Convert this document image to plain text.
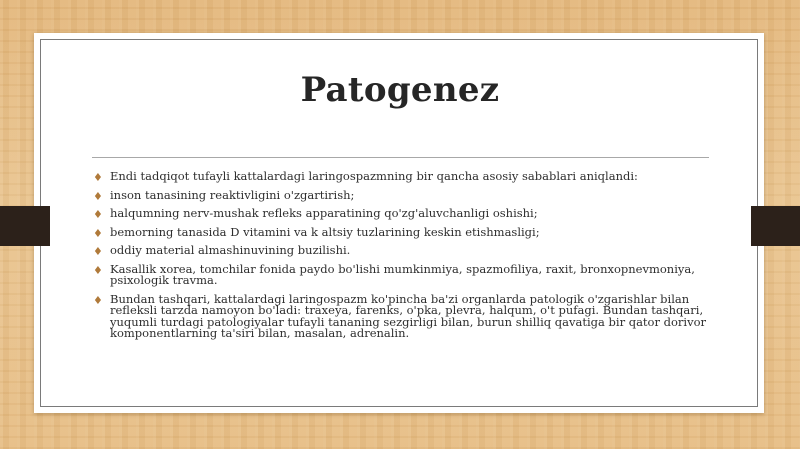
Patogenez
♦ Endi tadqiqot tufayli kattalardagi laringospazmning bir qancha asosiy sabablari aniqlandi:
♦ inson tanasining reaktivligini o'zgartirish;
♦ halqumning nerv-mushak refleks apparatining qo'zg'aluvchanligi oshishi;
♦ bemorning tanasida D vitamini va k altsiy tuzlarining keskin etishmasligi;
♦ oddiy material almashinuvining buzilishi.
♦ Kasallik xorea, tomchilar fonida paydo bo'lishi mumkinmiya, spazmofiliya, raxit, bronxopnevmoniya, psixologik travma.
♦ Bundan tashqari, kattalardagi laringospazm ko'pincha ba'zi organlarda patologik o'zgarishlar bilan refleksli tarzda namoyon bo'ladi: traxeya, farenks, o'pka, plevra, halqum, o't pufagi. Bundan tashqari, yuqumli turdagi patologiyalar tufayli tananing sezgirligi bilan, burun shilliq qavatiga bir qator dorivor komponentlarning ta'siri bilan, masalan, adrenalin.
